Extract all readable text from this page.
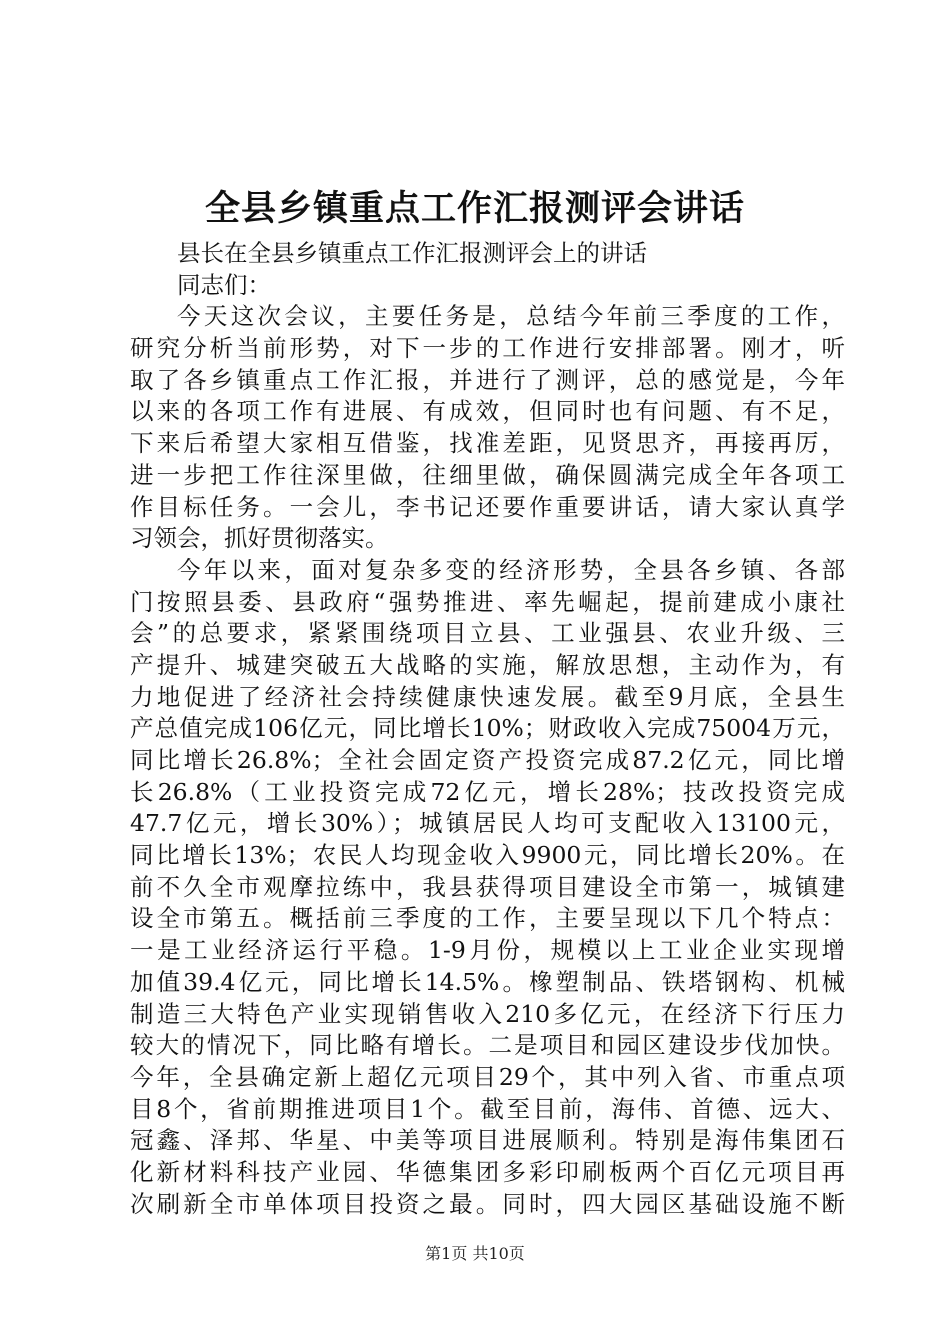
全县乡镇重点工作汇报测评会讲话
县长在全县乡镇重点工作汇报测评会上的讲话
同志们：
今天这次会议，主要任务是，总结今年前三季度的工作，
研究分析当前形势，对下一步的工作进行安排部署。刚才，听
取了各乡镇重点工作汇报，并进行了测评，总的感觉是，今年
以来的各项工作有进展、有成效，但同时也有问题、有不足，
下来后希望大家相互借鉴，找准差距，见贤思齐，再接再厉，
进一步把工作往深里做，往细里做，确保圆满完成全年各项工
作目标任务。一会儿，李书记还要作重要讲话，请大家认真学
习领会，抓好贯彻落实。
今年以来，面对复杂多变的经济形势，全县各乡镇、各部
门按照县委、县政府“强势推进、率先崛起，提前建成小康社
会”的总要求，紧紧围绕项目立县、工业强县、农业升级、三
产提升、城建突破五大战略的实施，解放思想，主动作为，有
力地促进了经济社会持续健康快速发展。截至9月底，全县生
产总值完成106亿元，同比增长10%；财政收入完成75004万元，
同比增长26.8%；全社会固定资产投资完成87.2亿元，同比增
长26.8%（工业投资完成72亿元，增长28%；技改投资完成
47.7亿元，增长30%）；城镇居民人均可支配收入13100元，
同比增长13%；农民人均现金收入9900元，同比增长20%。在
前不久全市观摩拉练中，我县获得项目建设全市第一，城镇建
设全市第五。概括前三季度的工作，主要呈现以下几个特点：
一是工业经济运行平稳。1-9月份，规模以上工业企业实现增
加值39.4亿元，同比增长14.5%。橡塑制品、铁塔钢构、机械
制造三大特色产业实现销售收入210多亿元，在经济下行压力
较大的情况下，同比略有增长。二是项目和园区建设步伐加快。
今年，全县确定新上超亿元项目29个，其中列入省、市重点项
目8个，省前期推进项目1个。截至目前，海伟、首德、远大、
冠鑫、泽邦、华星、中美等项目进展顺利。特别是海伟集团石
化新材料科技产业园、华德集团多彩印刷板两个百亿元项目再
次刷新全市单体项目投资之最。同时，四大园区基础设施不断
第1页 共10页
